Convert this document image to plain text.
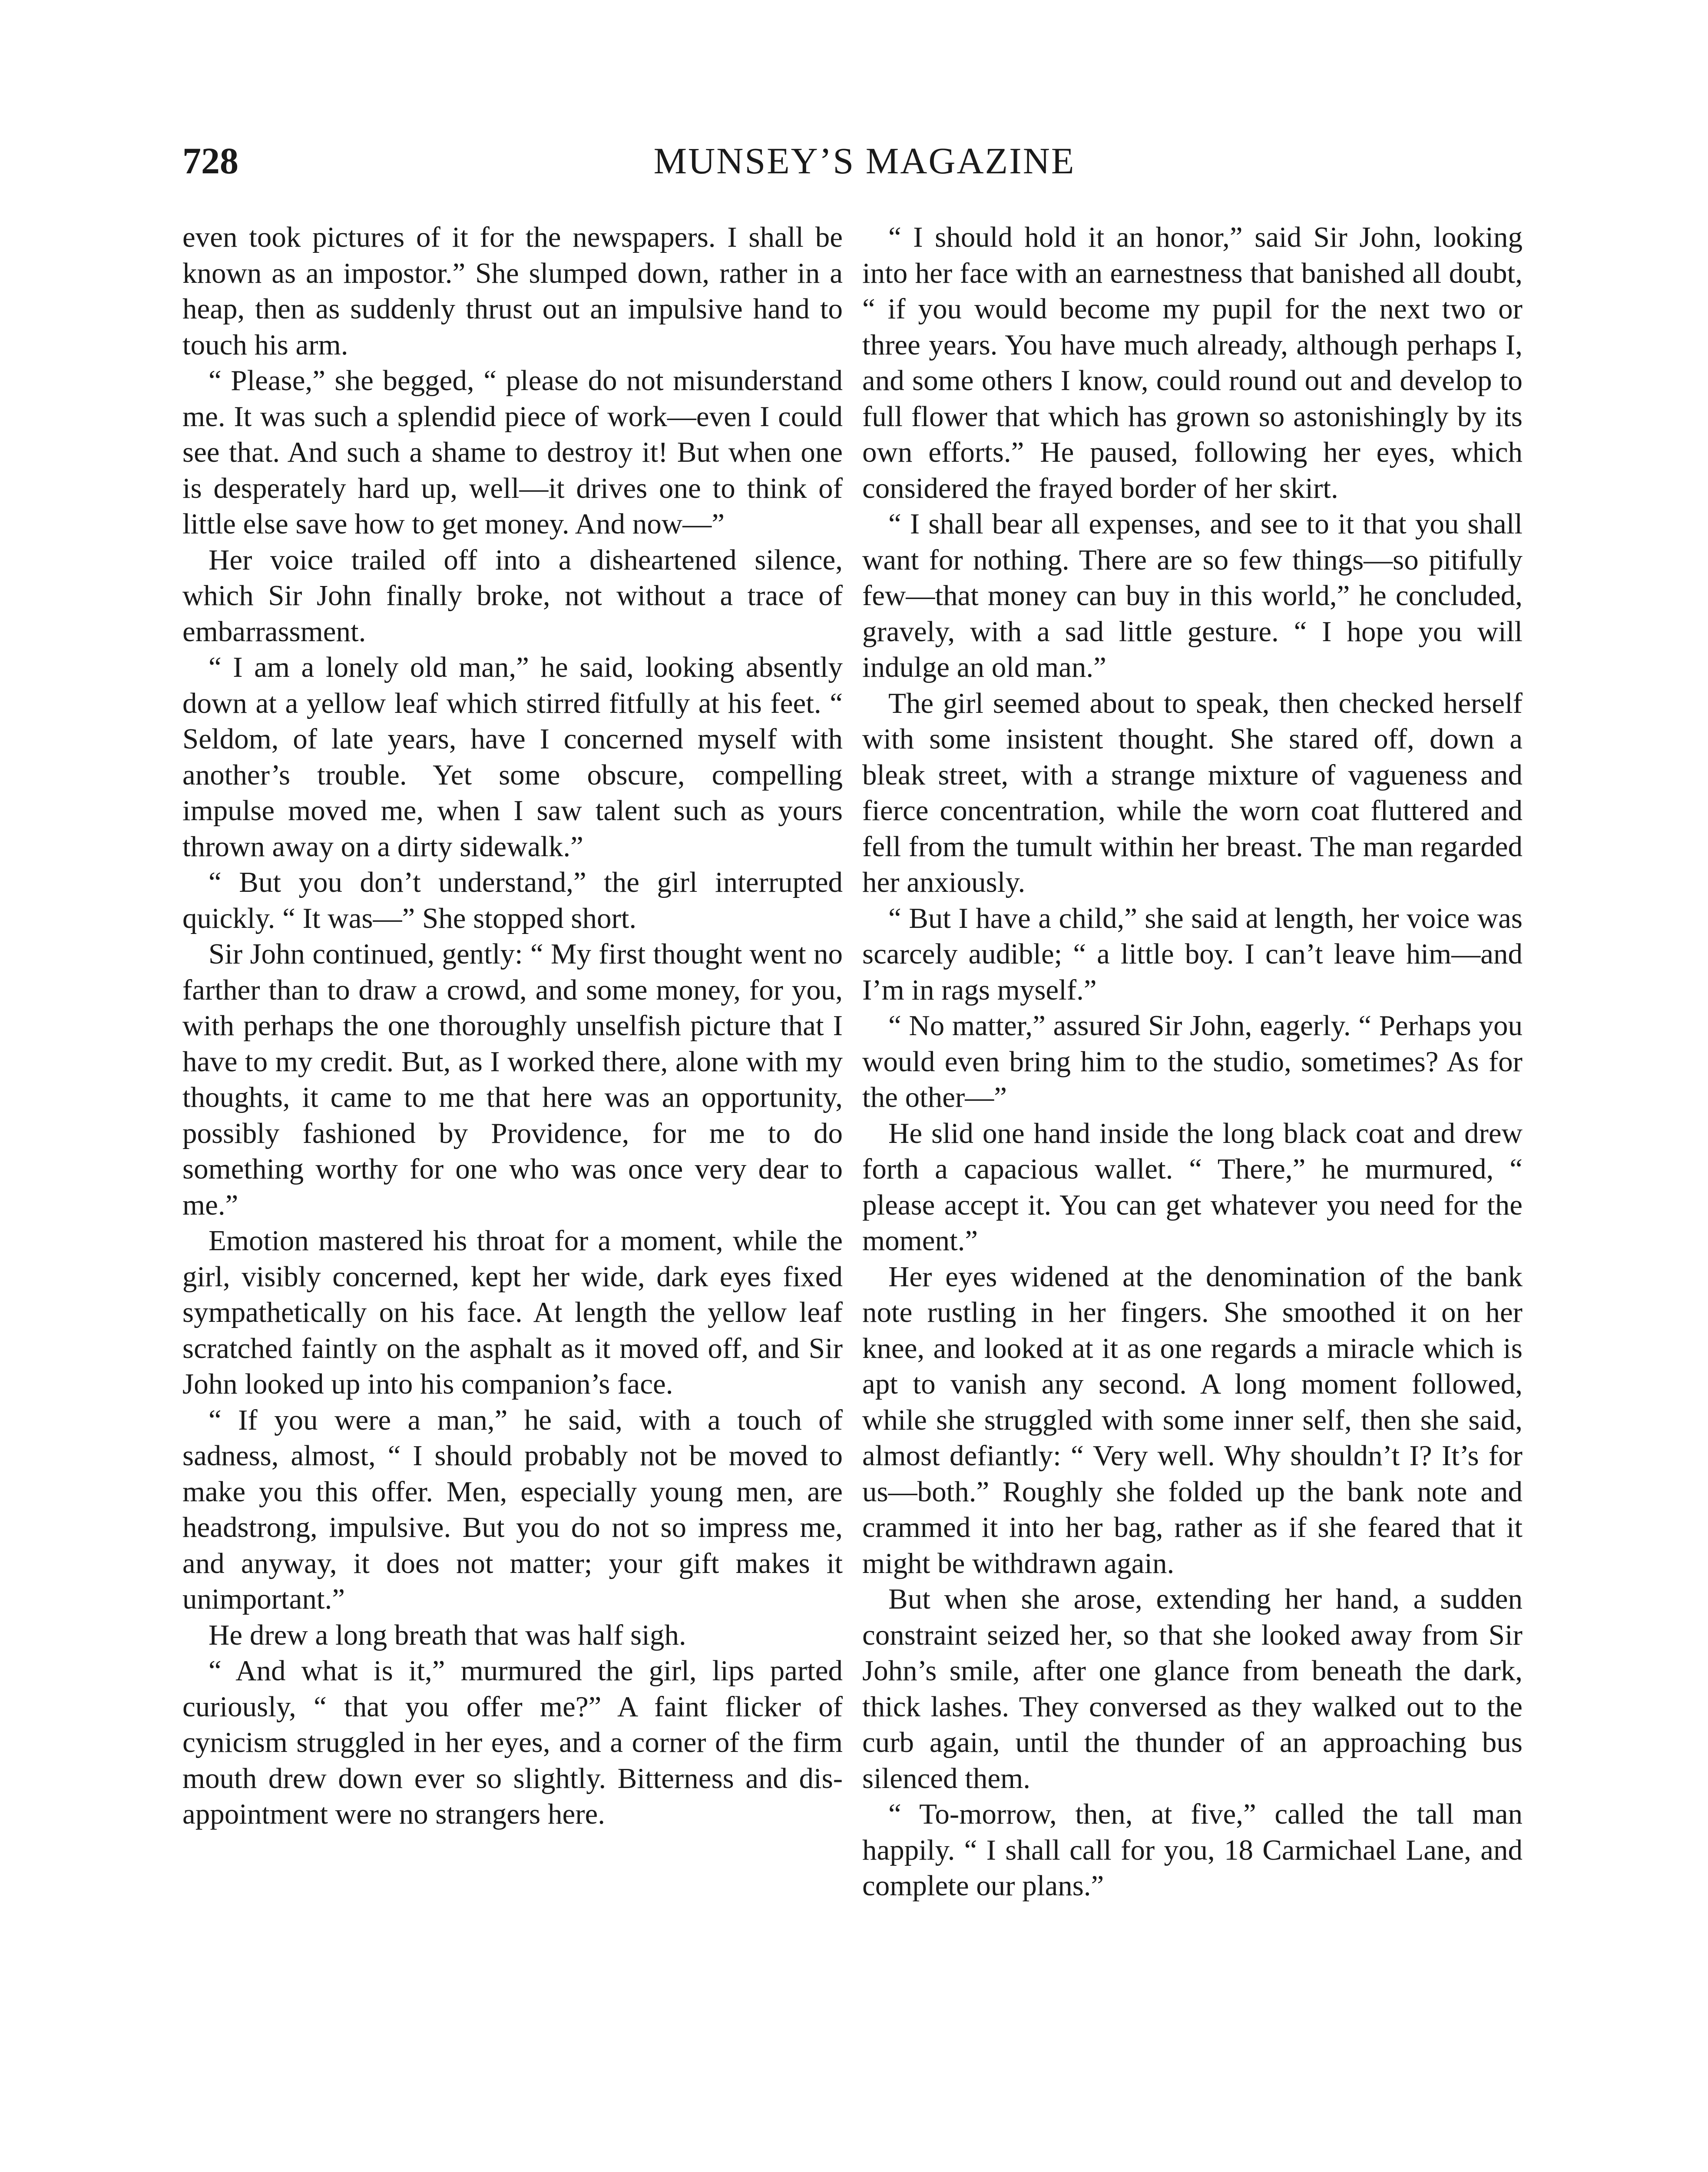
728	MUNSEY’S MAGAZINE

even took pictures of it for the newspapers. I shall be known as an impostor.” She slumped down, rather in a heap, then as suddenly thrust out an impulsive hand to touch his arm.

“ Please,” she begged, “ please do not misunderstand me. It was such a splendid piece of work—even I could see that. And such a shame to destroy it! But when one is desperately hard up, well—it drives one to think of little else save how to get money. And now—”

Her voice trailed off into a disheartened silence, which Sir John finally broke, not without a trace of embarrassment.

“ I am a lonely old man,” he said, looking absently down at a yellow leaf which stirred fitfully at his feet. “ Seldom, of late years, have I concerned myself with another’s trouble. Yet some obscure, compelling impulse moved me, when I saw talent such as yours thrown away on a dirty sidewalk.”

“ But you don’t understand,” the girl interrupted quickly. “ It was—” She stopped short.

Sir John continued, gently: “ My first thought went no farther than to draw a crowd, and some money, for you, with perhaps the one thoroughly unselfish picture that I have to my credit. But, as I worked there, alone with my thoughts, it came to me that here was an opportunity, possibly fashioned by Providence, for me to do something worthy for one who was once very dear to me.”

Emotion mastered his throat for a moment, while the girl, visibly concerned, kept her wide, dark eyes fixed sympathetically on his face. At length the yellow leaf scratched faintly on the asphalt as it moved off, and Sir John looked up into his companion’s face.

“ If you were a man,” he said, with a touch of sadness, almost, “ I should probably not be moved to make you this offer. Men, especially young men, are headstrong, impulsive. But you do not so impress me, and anyway, it does not matter; your gift makes it unimportant.”

He drew a long breath that was half sigh.

“ And what is it,” murmured the girl, lips parted curiously, “ that you offer me?” A faint flicker of cynicism struggled in her eyes, and a corner of the firm mouth drew down ever so slightly. Bitterness and disappointment were no strangers here.

“ I should hold it an honor,” said Sir John, looking into her face with an earnestness that banished all doubt, “ if you would become my pupil for the next two or three years. You have much already, although perhaps I, and some others I know, could round out and develop to full flower that which has grown so astonishingly by its own efforts.” He paused, following her eyes, which considered the frayed border of her skirt.

“ I shall bear all expenses, and see to it that you shall want for nothing. There are so few things—so pitifully few—that money can buy in this world,” he concluded, gravely, with a sad little gesture. “ I hope you will indulge an old man.”

The girl seemed about to speak, then checked herself with some insistent thought. She stared off, down a bleak street, with a strange mixture of vagueness and fierce concentration, while the worn coat fluttered and fell from the tumult within her breast. The man regarded her anxiously.

“ But I have a child,” she said at length, her voice was scarcely audible; “ a little boy. I can’t leave him—and I’m in rags myself.”

“ No matter,” assured Sir John, eagerly. “ Perhaps you would even bring him to the studio, sometimes? As for the other—”

He slid one hand inside the long black coat and drew forth a capacious wallet. “ There,” he murmured, “ please accept it. You can get whatever you need for the moment.”

Her eyes widened at the denomination of the bank note rustling in her fingers. She smoothed it on her knee, and looked at it as one regards a miracle which is apt to vanish any second. A long moment followed, while she struggled with some inner self, then she said, almost defiantly: “ Very well. Why shouldn’t I? It’s for us—both.” Roughly she folded up the bank note and crammed it into her bag, rather as if she feared that it might be withdrawn again.

But when she arose, extending her hand, a sudden constraint seized her, so that she looked away from Sir John’s smile, after one glance from beneath the dark, thick lashes. They conversed as they walked out to the curb again, until the thunder of an approaching bus silenced them.

“ To-morrow, then, at five,” called the tall man happily. “ I shall call for you, 18 Carmichael Lane, and complete our plans.”
